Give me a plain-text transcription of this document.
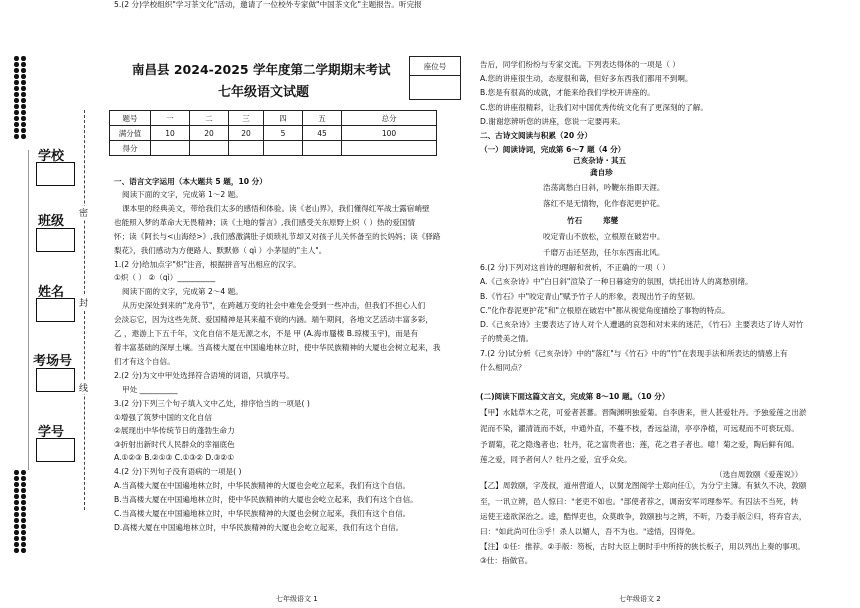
学校
班级
姓名
考场号
学号
密
封
线
南昌县 2024-2025 学年度第二学期期末考试
七年级语文试题
座位号
题号	一	二	三	四	五	总分
满分值	10	20	20	5	45	100
得分						
一、语言文字运用（本大题共 5 题，10 分）
阅读下面的文字，完成第 1～2 题。
课本里的经典美文，带给我们太多的感悟和体验。读《老山界》，我们懂得红军战士露宿峭壁
也能照入梦的革命大无畏精神；读《土地的誓言》,我们感受关东原野上炽（ ）热的爱国情
怀；读《阿长与<山海经>》,我们感激满肚子烦琐礼节却又对孩子儿关怀备至的长妈妈；读《驿路
梨花》，我们感动为方便路人、默默修（ qì ）小茅屋的"主人"。
1.(2 分)给加点字"炽"注音，根据拼音写出相应的汉字。
①炽（ ） ②（qì）__________
阅读下面的文字，完成第 2～4 题。
从历史深处到来的"龙舟节"，在跨越万变的社会中难免会受到一些冲击，但我们不担心人们
会淡忘它，因为这些先贤、爱国精神是其来蕴不衰的内涵。端午期间，各地文艺活动丰富多彩，
乙 ，遨游上下五千年，文化自信不是无源之水，不是 甲 (A.海市蜃楼 B.琼楼玉宇)，而是有
着丰富基础的深厚土壤。当高楼大厦在中国遍地林立时，使中华民族精神的大厦也会树立起来，我
们才有这个自信。
2.(2 分)为文中甲处选择符合语境的词语，只填序号。
甲处 __________
3.(2 分)下列三个句子填入文中乙处，排序恰当的一项是( )
①增强了筑梦中国的文化自信
②展现出中华传统节日的蓬勃生命力
③折射出新时代人民群众的幸福底色
A.①②③ B.②①③ C.①③② D.③②①
4.(2 分)下列句子没有语病的一项是( )
A.当高楼大厦在中国遍地林立时，中华民族精神的大厦也会屹立起来，我们有这个自信。
B.当高楼大厦在中国遍地林立时，使中华民族精神的大厦也会屹立起来，我们有这个自信。
C.当高楼大厦在中国遍地林立时，中华民族精神的大厦也会树立起来，我们有这个自信。
D.高楼大厦在中国遍地林立时，中华民族精神的大厦也会屹立起来，我们有这个自信。
5.(2 分)学校组织"学习茶文化"活动，邀请了一位校外专家做"中国茶文化"主题报告。听完报
告后，同学们纷纷与专家交流。下列表达得体的一项是（ ）
A.您的讲座很生动，态度很和蔼，但好多东西我们都用不到啊。
B.您是有很高的成就，才能来给我们学校开讲座的。
C.您的讲座很精彩，让我们对中国优秀传统文化有了更深刻的了解。
D.谢谢您辨听您的讲座，您说一定要再来。
二、古诗文阅读与积累（20 分）
（一）阅读诗词，完成第 6～7 题（4 分）
己亥杂诗・其五
龚自珍
浩荡离愁白日斜，吟鞭东指即天涯。
落红不是无情物，化作春泥更护花。
竹石	郑燮
咬定青山不放松，立根原在破岩中。
千磨万击还坚劲，任尔东西南北风。
6.(2 分)下列对这首诗的理解和赏析，不正确的一项（ ）
A.《己亥杂诗》中"白日斜"渲染了一种日暮途穷的氛围，烘托出诗人的离愁别绪。
B.《竹石》中"咬定青山"赋予竹子人的形象，表现出竹子的坚韧。
C."化作春泥更护花"和"立根原在破岩中"都从视觉角度描绘了事物的特点。
D.《己亥杂诗》主要表达了诗人对个人遭遇的哀怨和对未来的迷茫，《竹石》主要表达了诗人对竹
子的赞美之情。
7.(2 分)试分析《己亥杂诗》中的"落红"与《竹石》中的"竹"在表现手法和所表达的情感上有
什么相同点？
(二)阅读下面这篇文言文，完成第 8～10 题。（10 分）
【甲】水陆草木之花，可爱者甚蕃。晋陶渊明独爱菊。自李唐来，世人甚爱牡丹。予独爱莲之出淤
泥而不染，濯清涟而不妖，中通外直，不蔓不枝，香远益清，亭亭净植，可远观而不可亵玩焉。
予谓菊，花之隐逸者也；牡丹，花之富贵者也；莲，花之君子者也。噫！菊之爱，陶后鲜有闻。
莲之爱，同予者何人？牡丹之爱，宜乎众矣。
（选自周敦颐《爱莲说》）
【乙】周敦颐，字茂叔，道州营道人，以舅龙图阁学士郑向任①，为分宁主簿。有狱久不决，敦颐
至，一讯立辨，邑人惊曰："老吏不如也。"部使者荐之，调南安军司理参军。有囚法不当死，转
运使王逵欲深治之。逵，酷悍吏也，众莫敢争，敦颐独与之辨，不听，乃委手版②归，将弃官去，
曰："如此尚可仕③乎！杀人以媚人，吾不为也。"逵悟，囚得免。
【注】①任：推荐。②手版：笏板，古时大臣上朝时手中所持的狭长板子，用以列出上奏的事项。
③仕：指做官。
七年级语文 1	七年级语文 2
